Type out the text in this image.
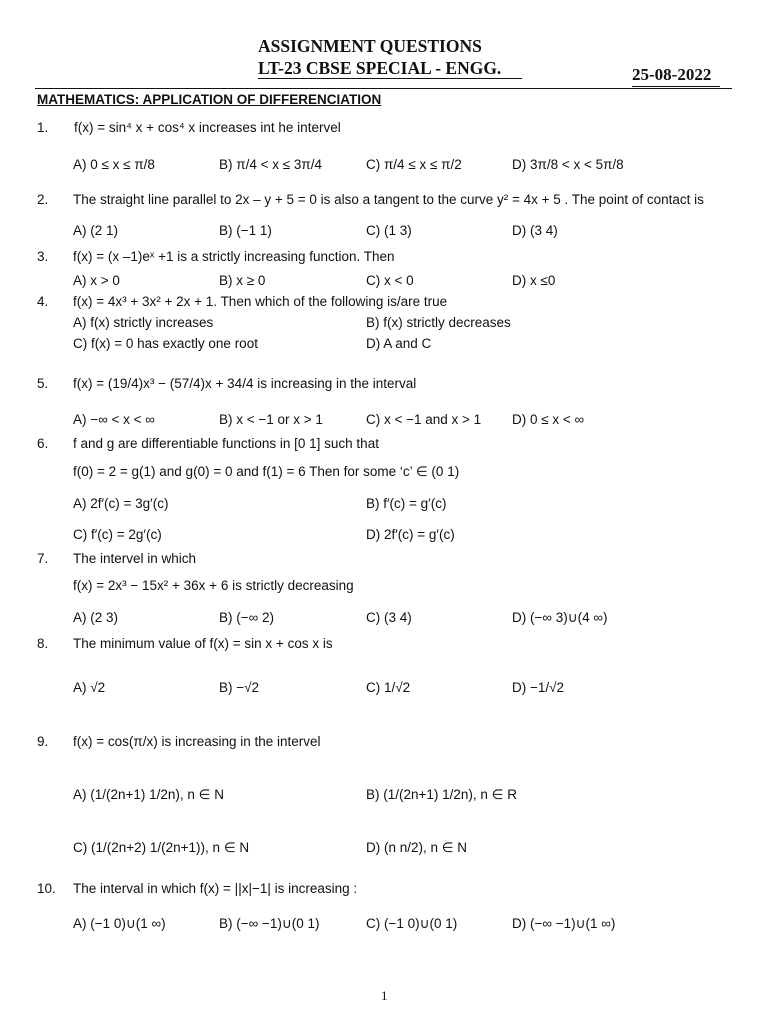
ASSIGNMENT QUESTIONS
LT-23 CBSE SPECIAL - ENGG.	25-08-2022
MATHEMATICS: APPLICATION OF DIFFERENCIATION
1. f(x) = sin⁴ x + cos⁴ x increases int he intervel
A) 0 ≤ x ≤ π/8	B) π/4 < x ≤ 3π/4	C) π/4 ≤ x ≤ π/2	D) 3π/8 < x < 5π/8
2. The straight line parallel to 2x – y + 5 = 0 is also a tangent to the curve y² = 4x + 5 . The point of contact is
A) (2 1)	B) (−1 1)	C) (1 3)	D) (3 4)
3. f(x) = (x –1)eˣ +1 is a strictly increasing function. Then
A) x > 0	B) x ≥ 0	C) x < 0	D) x ≤0
4. f(x) = 4x³ + 3x² + 2x + 1. Then which of the following is/are true
A) f(x) strictly increases	B) f(x) strictly decreases
C) f(x) = 0 has exactly one root	D) A and C
5. f(x) = (19/4)x³ − (57/4)x + 34/4 is increasing in the interval
A) −∞ < x < ∞	B) x < −1 or x > 1	C) x < −1 and x > 1 D) 0 ≤ x < ∞
6. f and g are differentiable functions in [0 1] such that
f(0) = 2 = g(1) and g(0) = 0 and f(1) = 6 Then for some ‘c’ ∈ (0 1)
A) 2f′(c) = 3g′(c)	B) f′(c) = g′(c)
C) f′(c) = 2g′(c)	D) 2f′(c) = g′(c)
7. The intervel in which
f(x) = 2x³ − 15x² + 36x + 6 is strictly decreasing
A) (2 3)	B) (−∞ 2)	C) (3 4)	D) (−∞ 3)∪(4 ∞)
8. The minimum value of f(x) = sin x + cos x is
A) √2	B) −√2	C) 1/√2	D) −1/√2
9. f(x) = cos(π/x) is increasing in the intervel
A) (1/(2n+1) 1/2n), n ∈ N	B) (1/(2n+1) 1/2n), n ∈ R
C) (1/(2n+2) 1/(2n+1)), n ∈ N	D) (n n/2), n ∈ N
10. The interval in which f(x) = ||x|−1| is increasing :
A) (−1 0)∪(1 ∞)	B) (−∞ −1)∪(0 1)	C) (−1 0)∪(0 1)	D) (−∞ −1)∪(1 ∞)
1
